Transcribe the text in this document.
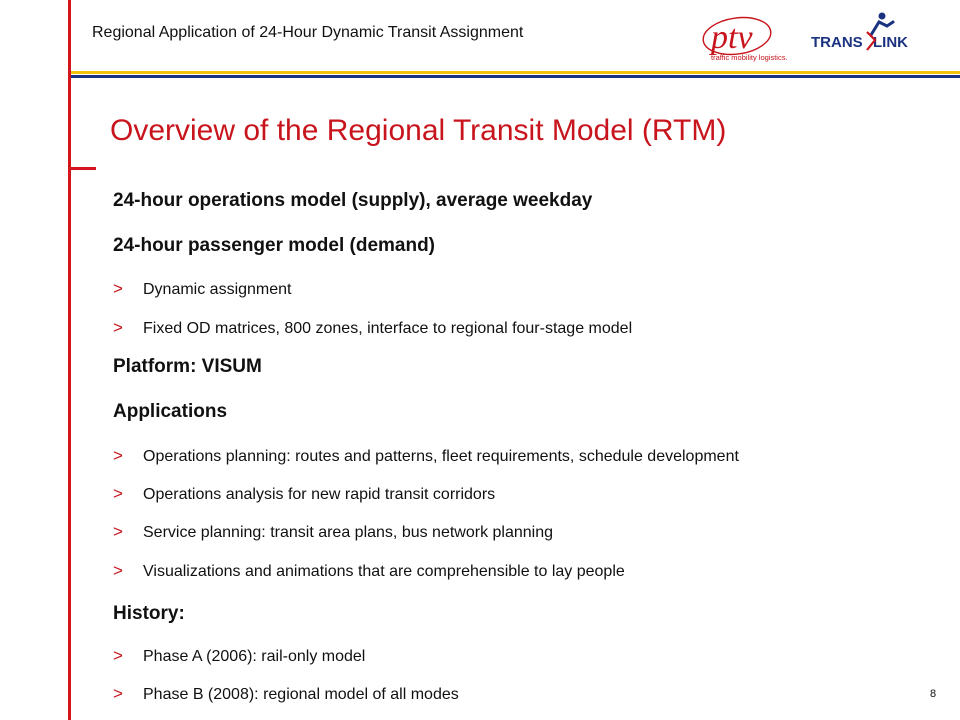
Regional Application of 24-Hour Dynamic Transit Assignment	ptv
traffic mobility logistics.
TRANS LINK
Overview of the Regional Transit Model (RTM)
24-hour operations model (supply), average weekday
24-hour passenger model (demand)
> Dynamic assignment
> Fixed OD matrices, 800 zones, interface to regional four-stage model
Platform: VISUM
Applications
> Operations planning: routes and patterns, fleet requirements, schedule development
> Operations analysis for new rapid transit corridors
> Service planning: transit area plans, bus network planning
> Visualizations and animations that are comprehensible to lay people
History:
> Phase A (2006): rail-only model
> Phase B (2008): regional model of all modes	8
